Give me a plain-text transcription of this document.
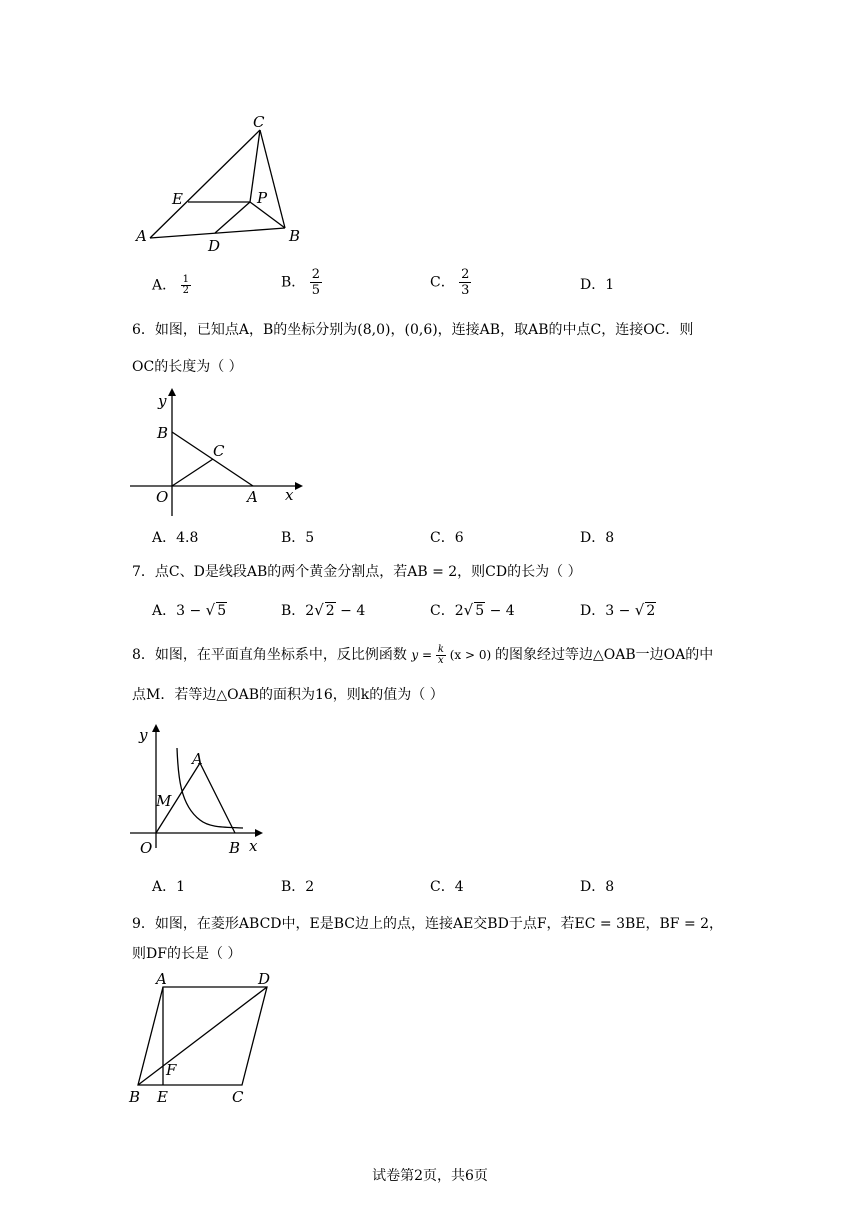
C
E	P
A
D
B
A． $\frac{1}{2}$	B． $\frac{2}{5}$	C． $\frac{2}{3}$	D．1
6．如图，已知点A，B的坐标分别为(8,0)，(0,6)，连接AB，取AB的中点C，连接OC．则
OC的长度为（ ）
y
B
C
O	A x
A．4.8	B．5	C．6	D．8
7．点C、D是线段AB的两个黄金分割点，若AB = 2，则CD的长为（ ）
A．3 − √ 5	B．2√ 2 − 4	C．2√ 5 − 4	D．3 − √ 2
8．如图，在平面直角坐标系中，反比例函数 $y = \frac{k}{x} (x > 0)$ 的图象经过等边△OAB一边OA的中
点M．若等边△OAB的面积为16，则k的值为（ ）
y
A
M
O	B x
A．1	B．2	C．4	D．8
9．如图，在菱形ABCD中，E是BC边上的点，连接AE交BD于点F，若EC = 3BE，BF = 2，
则DF的长是（ ）
A	D
F
B E	C
试卷第2页，共6页
